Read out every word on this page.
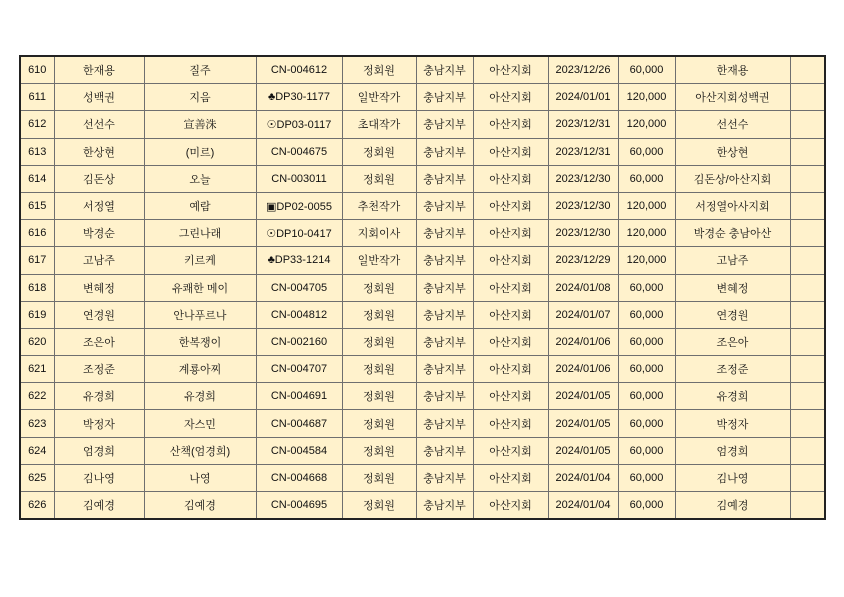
610	한재용	질주	CN-004612	정회원	충남지부	아산지회	2023/12/26	60,000	한재용	
611	성백권	지음	♣DP30-1177	일반작가	충남지부	아산지회	2024/01/01	120,000	아산지회성백권	
612	선선수	宣善洙	☉DP03-0117	초대작가	충남지부	아산지회	2023/12/31	120,000	선선수	
613	한상현	(미르)	CN-004675	정회원	충남지부	아산지회	2023/12/31	60,000	한상현	
614	김돈상	오늘	CN-003011	정회원	충남지부	아산지회	2023/12/30	60,000	김돈상/아산지회	
615	서정열	예람	▣DP02-0055	추천작가	충남지부	아산지회	2023/12/30	120,000	서정열아사지회	
616	박경순	그린나래	☉DP10-0417	지회이사	충남지부	아산지회	2023/12/30	120,000	박경순 충남아산	
617	고남주	키르케	♣DP33-1214	일반작가	충남지부	아산지회	2023/12/29	120,000	고남주	
618	변혜정	유쾌한 메이	CN-004705	정회원	충남지부	아산지회	2024/01/08	60,000	변혜정	
619	연경원	안나푸르나	CN-004812	정회원	충남지부	아산지회	2024/01/07	60,000	연경원	
620	조은아	한복쟁이	CN-002160	정회원	충남지부	아산지회	2024/01/06	60,000	조은아	
621	조정준	계룡아찌	CN-004707	정회원	충남지부	아산지회	2024/01/06	60,000	조정준	
622	유경희	유경희	CN-004691	정회원	충남지부	아산지회	2024/01/05	60,000	유경희	
623	박정자	자스민	CN-004687	정회원	충남지부	아산지회	2024/01/05	60,000	박정자	
624	엄경희	산책(엄경희)	CN-004584	정회원	충남지부	아산지회	2024/01/05	60,000	엄경희	
625	김나영	나영	CN-004668	정회원	충남지부	아산지회	2024/01/04	60,000	김나영	
626	김예경	김예경	CN-004695	정회원	충남지부	아산지회	2024/01/04	60,000	김예경	
